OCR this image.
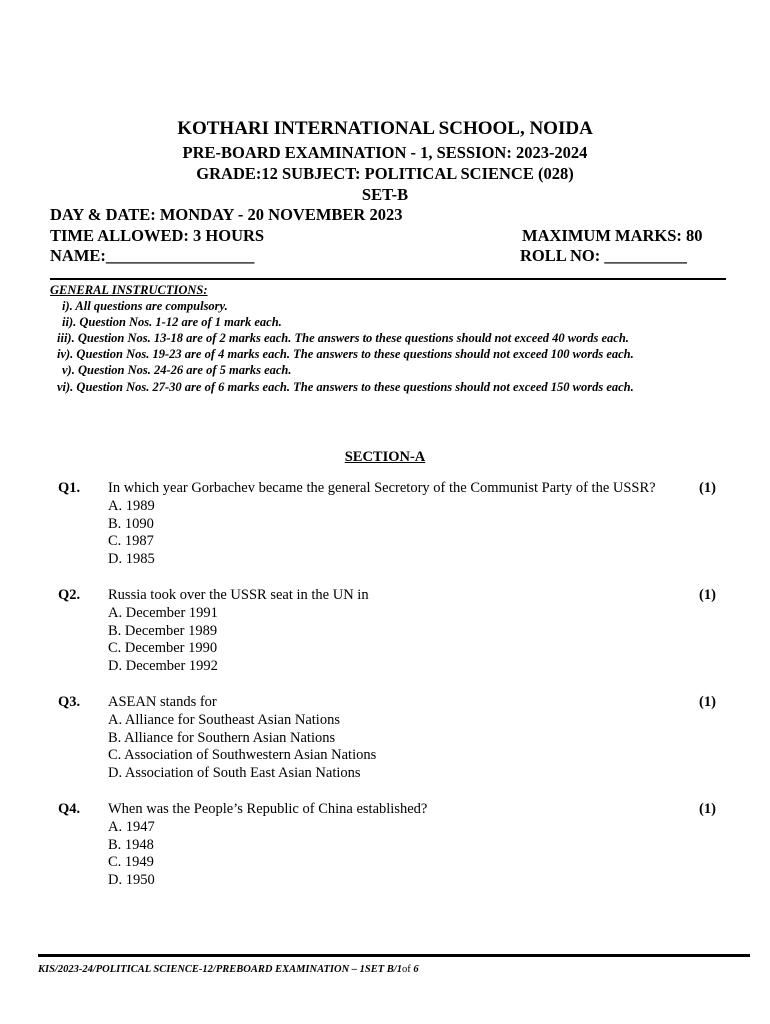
KOTHARI INTERNATIONAL SCHOOL, NOIDA
PRE-BOARD EXAMINATION - 1, SESSION: 2023-2024
GRADE:12 SUBJECT: POLITICAL SCIENCE (028)
SET-B
DAY & DATE: MONDAY - 20 NOVEMBER 2023
TIME ALLOWED: 3 HOURS	MAXIMUM MARKS: 80
NAME:__________________	ROLL NO: __________
GENERAL INSTRUCTIONS:
i). All questions are compulsory.
ii). Question Nos. 1-12 are of 1 mark each.
iii). Question Nos. 13-18 are of 2 marks each. The answers to these questions should not exceed 40 words each.
iv). Question Nos. 19-23 are of 4 marks each. The answers to these questions should not exceed 100 words each.
v). Question Nos. 24-26 are of 5 marks each.
vi). Question Nos. 27-30 are of 6 marks each. The answers to these questions should not exceed 150 words each.
SECTION-A
Q1. In which year Gorbachev became the general Secretory of the Communist Party of the USSR?	(1)
A. 1989
B. 1090
C. 1987
D. 1985
Q2. Russia took over the USSR seat in the UN in	(1)
A. December 1991
B. December 1989
C. December 1990
D. December 1992
Q3. ASEAN stands for	(1)
A. Alliance for Southeast Asian Nations
B. Alliance for Southern Asian Nations
C. Association of Southwestern Asian Nations
D. Association of South East Asian Nations
Q4. When was the People’s Republic of China established?	(1)
A. 1947
B. 1948
C. 1949
D. 1950
KIS/2023-24/POLITICAL SCIENCE-12/PREBOARD EXAMINATION – 1SET B/1of 6
